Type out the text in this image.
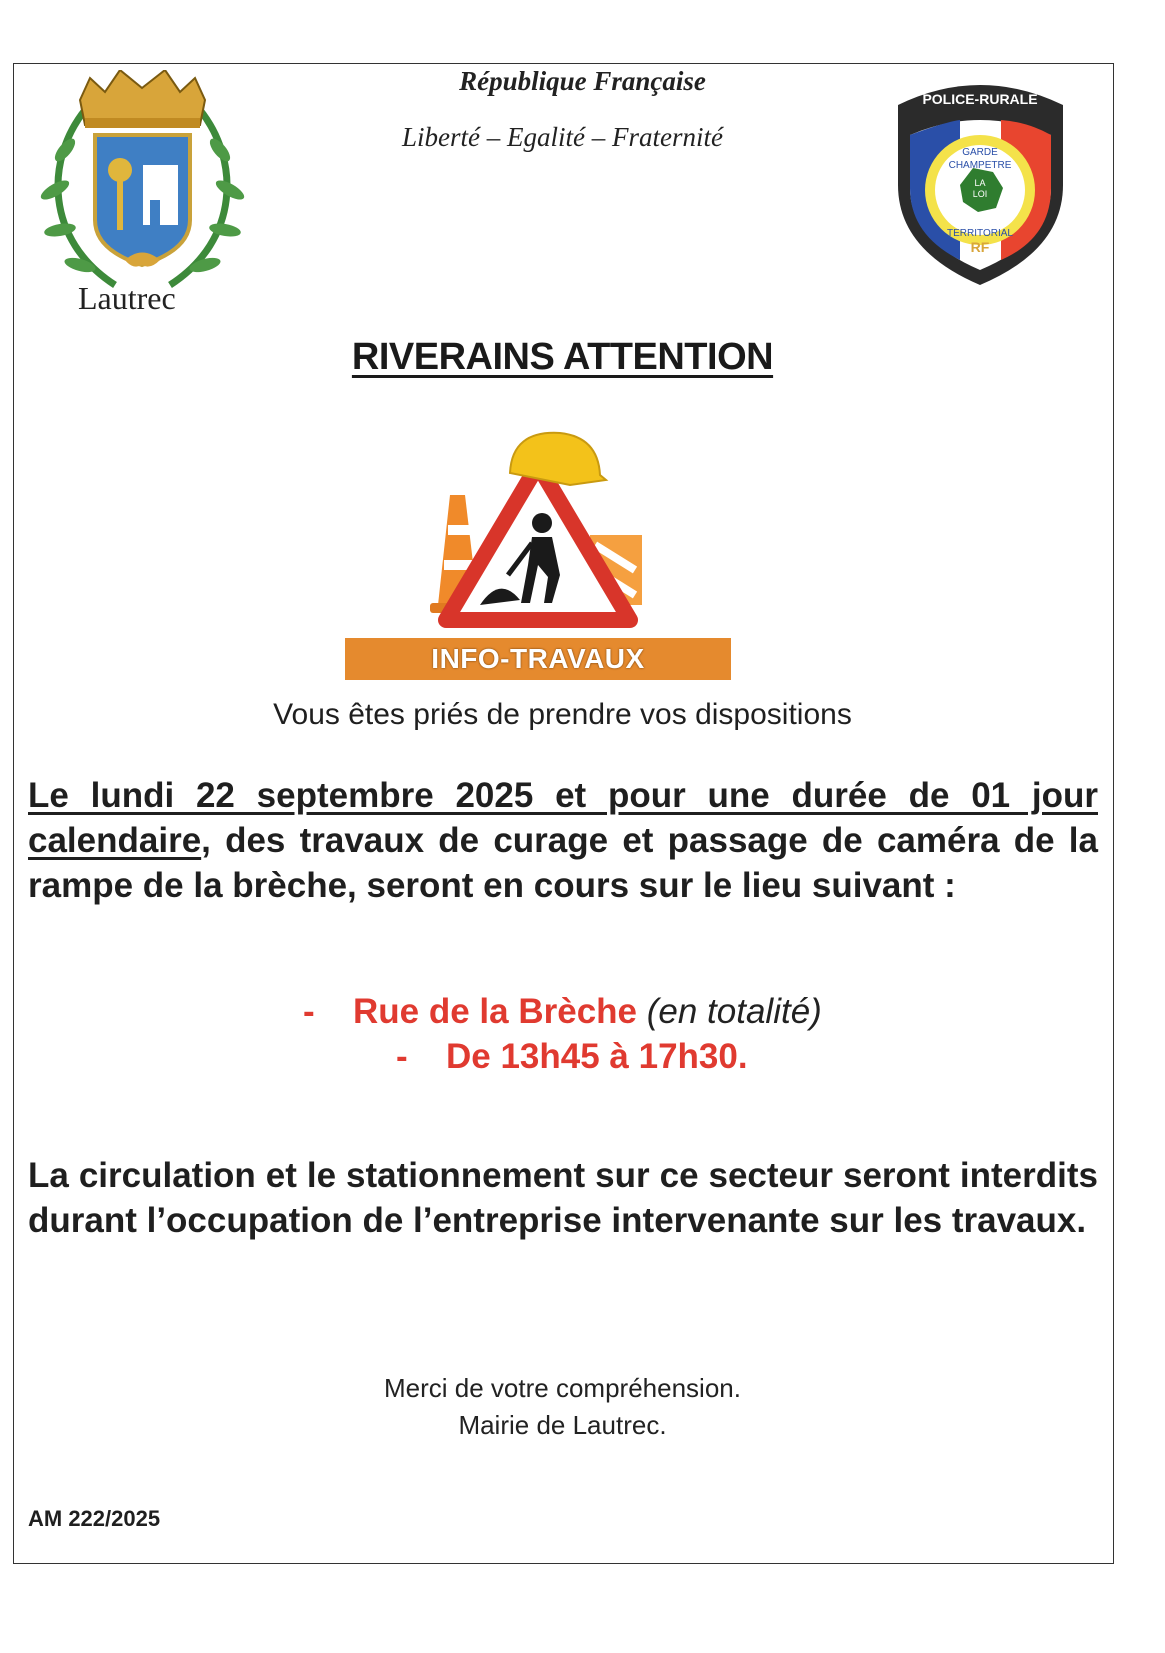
Lautrec
République Française
Liberté – Egalité – Fraternité
POLICE-RURALE
GARDE
CHAMPETRE
LA
LOI
TERRITORIAL
RF
RIVERAINS ATTENTION
INFO-TRAVAUX
Vous êtes priés de prendre vos dispositions
Le lundi 22 septembre 2025 et pour une durée de 01 jour calendaire, des travaux de curage et passage de caméra de la rampe de la brèche, seront en cours sur le lieu suivant :
- Rue de la Brèche (en totalité)
- De 13h45 à 17h30.
La circulation et le stationnement sur ce secteur seront interdits durant l’occupation de l’entreprise intervenante sur les travaux.
Merci de votre compréhension.
Mairie de Lautrec.
AM 222/2025
